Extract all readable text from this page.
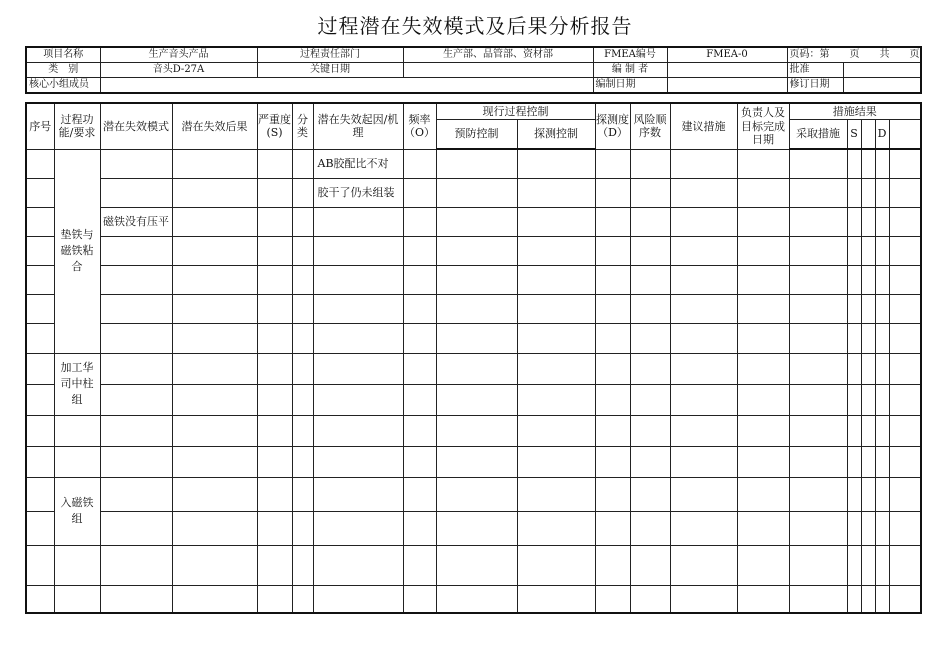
过程潜在失效模式及后果分析报告
项目名称	生产音头产品	过程责任部门	生产部、品管部、资材部	FMEA编号	FMEA-0	页码：第　　页　　共　　页	
类　别	音头D-27A	关键日期		编 制 者		批准	
核心小组成员				编制日期		修订日期	
序号	过程功能/要求	潜在失效模式	潜在失效后果	严重度(S)	分类	潜在失效起因/机理	频率（O）	现行过程控制		探测度（D）	风险顺序数	建议措施	负责人及目标完成日期	措施结果				
								预防控制	探测控制					采取措施	S		D	
	垫铁与磁铁粘合					AB胶配比不对												
						胶干了仍未组装												
		磁铁没有压平																

	加工华司中柱组																	

	入磁铁组																	
